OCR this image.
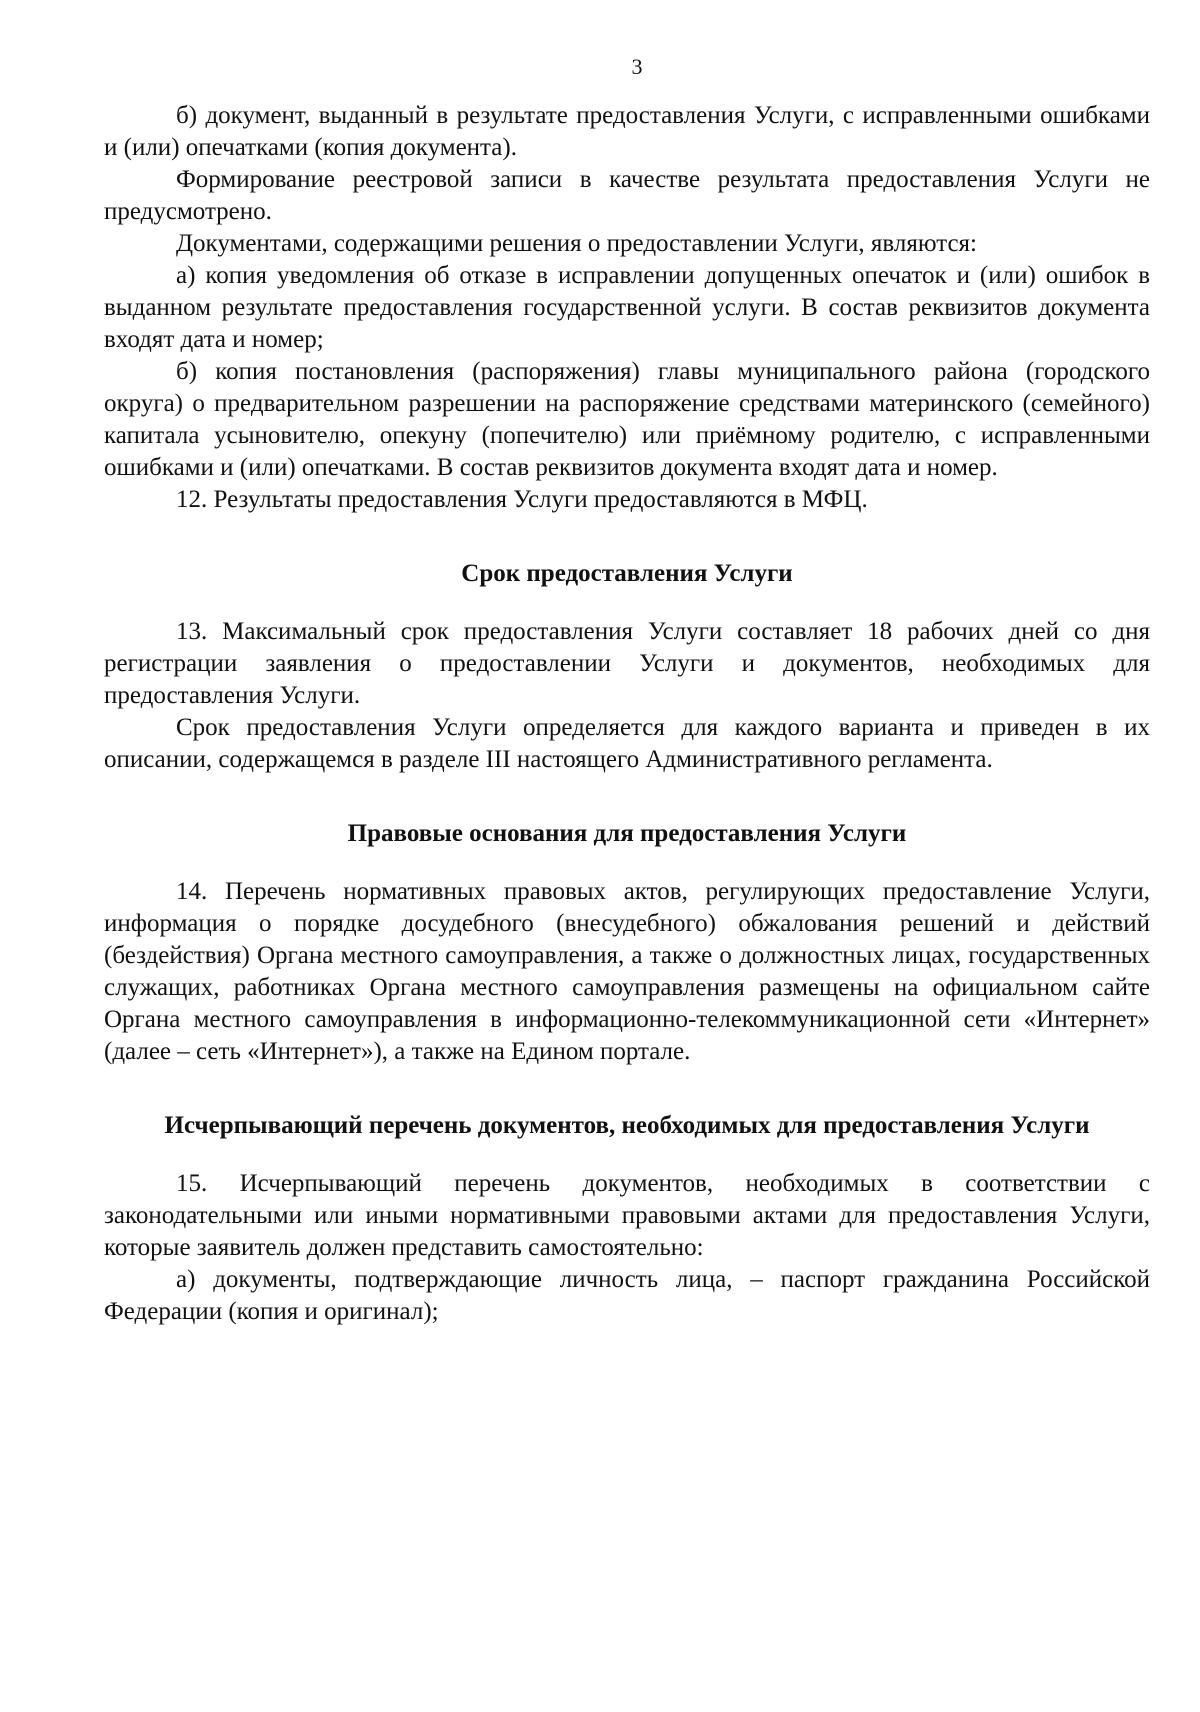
3

б) документ, выданный в результате предоставления Услуги, с исправленными ошибками и (или) опечатками (копия документа).

Формирование реестровой записи в качестве результата предоставления Услуги не предусмотрено.

Документами, содержащими решения о предоставлении Услуги, являются:

а) копия уведомления об отказе в исправлении допущенных опечаток и (или) ошибок в выданном результате предоставления государственной услуги. В состав реквизитов документа входят дата и номер;

б) копия постановления (распоряжения) главы муниципального района (городского округа) о предварительном разрешении на распоряжение средствами материнского (семейного) капитала усыновителю, опекуну (попечителю) или приёмному родителю, с исправленными ошибками и (или) опечатками. В состав реквизитов документа входят дата и номер.

12. Результаты предоставления Услуги предоставляются в МФЦ.

Срок предоставления Услуги

13. Максимальный срок предоставления Услуги составляет 18 рабочих дней со дня регистрации заявления о предоставлении Услуги и документов, необходимых для предоставления Услуги.

Срок предоставления Услуги определяется для каждого варианта и приведен в их описании, содержащемся в разделе III настоящего Административного регламента.

Правовые основания для предоставления Услуги

14. Перечень нормативных правовых актов, регулирующих предоставление Услуги, информация о порядке досудебного (внесудебного) обжалования решений и действий (бездействия) Органа местного самоуправления, а также о должностных лицах, государственных служащих, работниках Органа местного самоуправления размещены на официальном сайте Органа местного самоуправления в информационно-телекоммуникационной сети «Интернет» (далее – сеть «Интернет»), а также на Едином портале.

Исчерпывающий перечень документов, необходимых для предоставления Услуги

15. Исчерпывающий перечень документов, необходимых в соответствии с законодательными или иными нормативными правовыми актами для предоставления Услуги, которые заявитель должен представить самостоятельно:

а) документы, подтверждающие личность лица, – паспорт гражданина Российской Федерации (копия и оригинал);
